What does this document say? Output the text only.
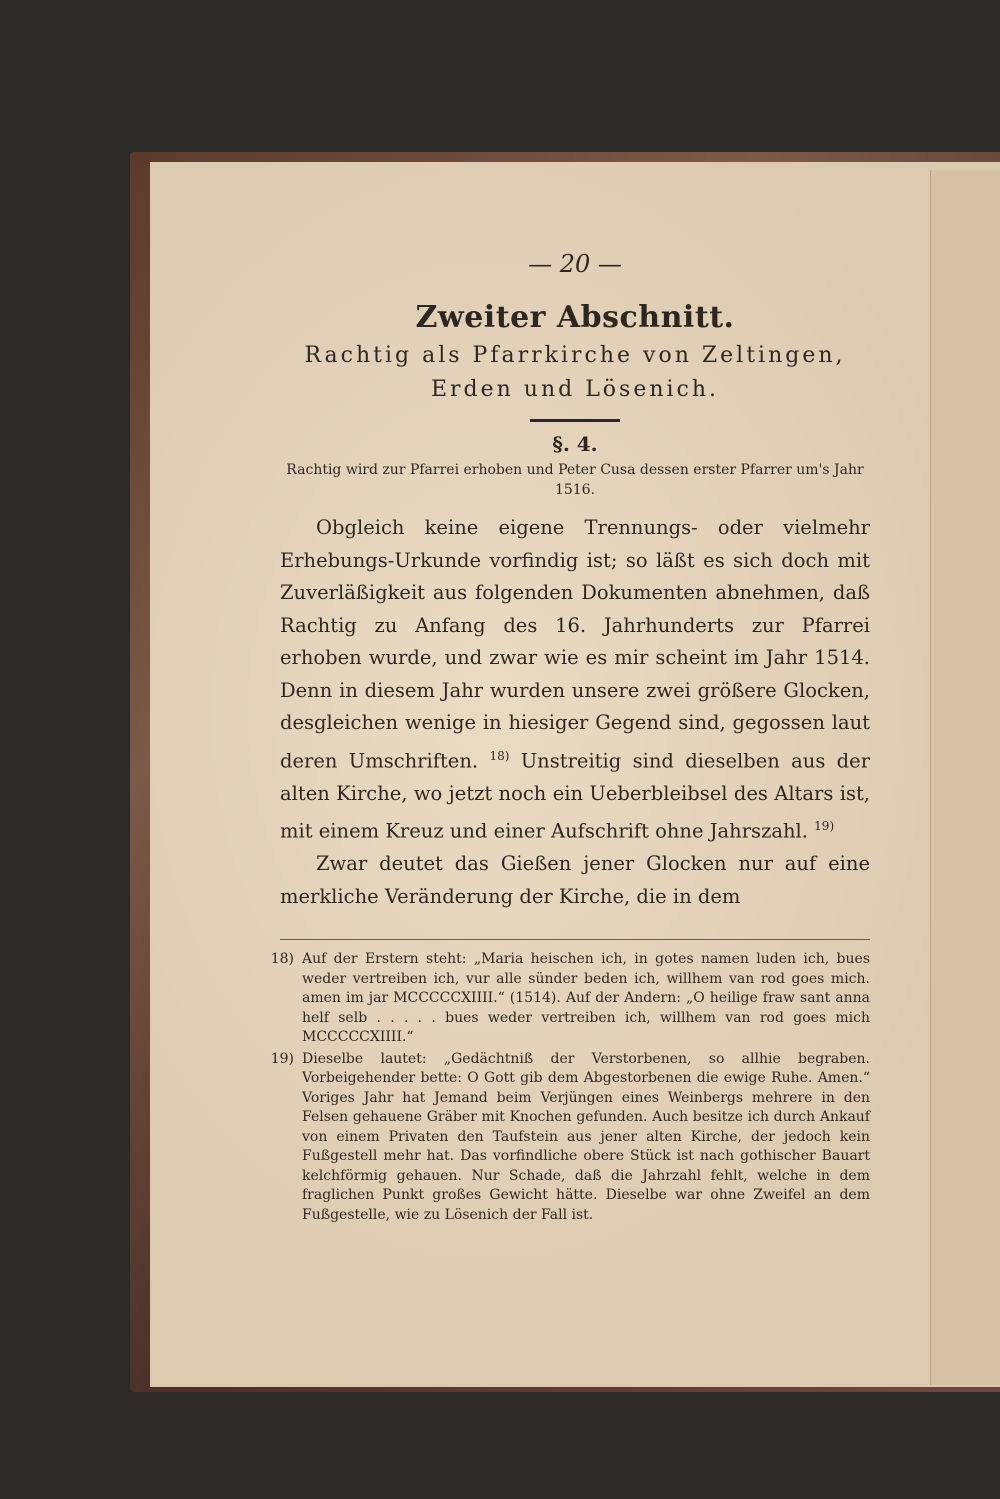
— 20 —
Zweiter Abschnitt.
Rachtig als Pfarrkirche von Zeltingen,
Erden und Lösenich.
§. 4.
Rachtig wird zur Pfarrei erhoben und Peter Cusa dessen erster Pfarrer um's Jahr 1516.

Obgleich keine eigene Trennungs- oder vielmehr Erhebungs-Urkunde vorfindig ist; so läßt es sich doch mit Zuverläßigkeit aus folgenden Dokumenten abnehmen, daß Rachtig zu Anfang des 16. Jahrhunderts zur Pfarrei erhoben wurde, und zwar wie es mir scheint im Jahr 1514. Denn in diesem Jahr wurden unsere zwei größere Glocken, desgleichen wenige in hiesiger Gegend sind, gegossen laut deren Umschriften. $^{18)}$ Unstreitig sind dieselben aus der alten Kirche, wo jetzt noch ein Ueberbleibsel des Altars ist, mit einem Kreuz und einer Aufschrift ohne Jahrszahl. $^{19)}$

Zwar deutet das Gießen jener Glocken nur auf eine merkliche Veränderung der Kirche, die in dem

18) Auf der Erstern steht: „Maria heischen ich, in gotes namen luden ich, bues weder vertreiben ich, vur alle sünder beden ich, willhem van rod goes mich. amen im jar MCCCCCXIIII.“ (1514). Auf der Andern: „O heilige fraw sant anna helf selb . . . . . bues weder vertreiben ich, willhem van rod goes mich MCCCCCXIIII.“
19) Dieselbe lautet: „Gedächtniß der Verstorbenen, so allhie begraben. Vorbeigehender bette: O Gott gib dem Abgestorbenen die ewige Ruhe. Amen.“ Voriges Jahr hat Jemand beim Verjüngen eines Weinbergs mehrere in den Felsen gehauene Gräber mit Knochen gefunden. Auch besitze ich durch Ankauf von einem Privaten den Taufstein aus jener alten Kirche, der jedoch kein Fußgestell mehr hat. Das vorfindliche obere Stück ist nach gothischer Bauart kelchförmig gehauen. Nur Schade, daß die Jahrzahl fehlt, welche in dem fraglichen Punkt großes Gewicht hätte. Dieselbe war ohne Zweifel an dem Fußgestelle, wie zu Lösenich der Fall ist.
